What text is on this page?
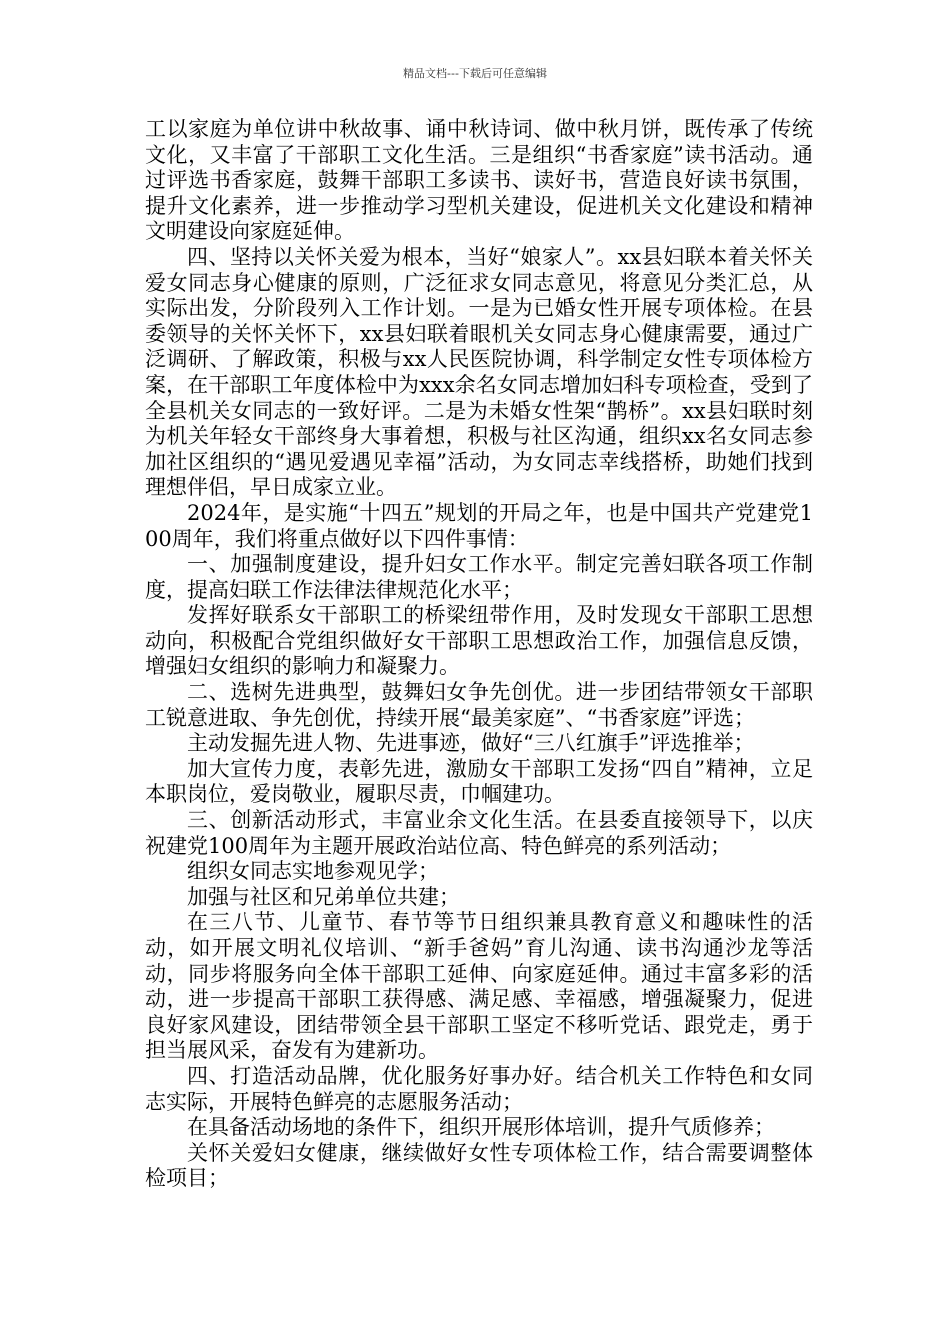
精品文档---下载后可任意编辑

工以家庭为单位讲中秋故事、诵中秋诗词、做中秋月饼，既传承了传统文化，又丰富了干部职工文化生活。三是组织“书香家庭”读书活动。通过评选书香家庭，鼓舞干部职工多读书、读好书，营造良好读书氛围，提升文化素养，进一步推动学习型机关建设，促进机关文化建设和精神文明建设向家庭延伸。

四、坚持以关怀关爱为根本，当好“娘家人”。xx县妇联本着关怀关爱女同志身心健康的原则，广泛征求女同志意见，将意见分类汇总，从实际出发，分阶段列入工作计划。一是为已婚女性开展专项体检。在县委领导的关怀关怀下，xx县妇联着眼机关女同志身心健康需要，通过广泛调研、了解政策，积极与xx人民医院协调，科学制定女性专项体检方案，在干部职工年度体检中为xxx余名女同志增加妇科专项检查，受到了全县机关女同志的一致好评。二是为未婚女性架“鹊桥”。xx县妇联时刻为机关年轻女干部终身大事着想，积极与社区沟通，组织xx名女同志参加社区组织的“遇见爱遇见幸福”活动，为女同志幸线搭桥，助她们找到理想伴侣，早日成家立业。

2024年，是实施“十四五”规划的开局之年，也是中国共产党建党100周年，我们将重点做好以下四件事情：

一、加强制度建设，提升妇女工作水平。制定完善妇联各项工作制度，提高妇联工作法律法律规范化水平；

发挥好联系女干部职工的桥梁纽带作用，及时发现女干部职工思想动向，积极配合党组织做好女干部职工思想政治工作，加强信息反馈，增强妇女组织的影响力和凝聚力。

二、选树先进典型，鼓舞妇女争先创优。进一步团结带领女干部职工锐意进取、争先创优，持续开展“最美家庭”、“书香家庭”评选；

主动发掘先进人物、先进事迹，做好“三八红旗手”评选推举；

加大宣传力度，表彰先进，激励女干部职工发扬“四自”精神，立足本职岗位，爱岗敬业，履职尽责，巾帼建功。

三、创新活动形式，丰富业余文化生活。在县委直接领导下，以庆祝建党100周年为主题开展政治站位高、特色鲜亮的系列活动；

组织女同志实地参观见学；

加强与社区和兄弟单位共建；

在三八节、儿童节、春节等节日组织兼具教育意义和趣味性的活动，如开展文明礼仪培训、“新手爸妈”育儿沟通、读书沟通沙龙等活动，同步将服务向全体干部职工延伸、向家庭延伸。通过丰富多彩的活动，进一步提高干部职工获得感、满足感、幸福感，增强凝聚力，促进良好家风建设，团结带领全县干部职工坚定不移听党话、跟党走，勇于担当展风采，奋发有为建新功。

四、打造活动品牌，优化服务好事办好。结合机关工作特色和女同志实际，开展特色鲜亮的志愿服务活动；

在具备活动场地的条件下，组织开展形体培训，提升气质修养；

关怀关爱妇女健康，继续做好女性专项体检工作，结合需要调整体检项目；
